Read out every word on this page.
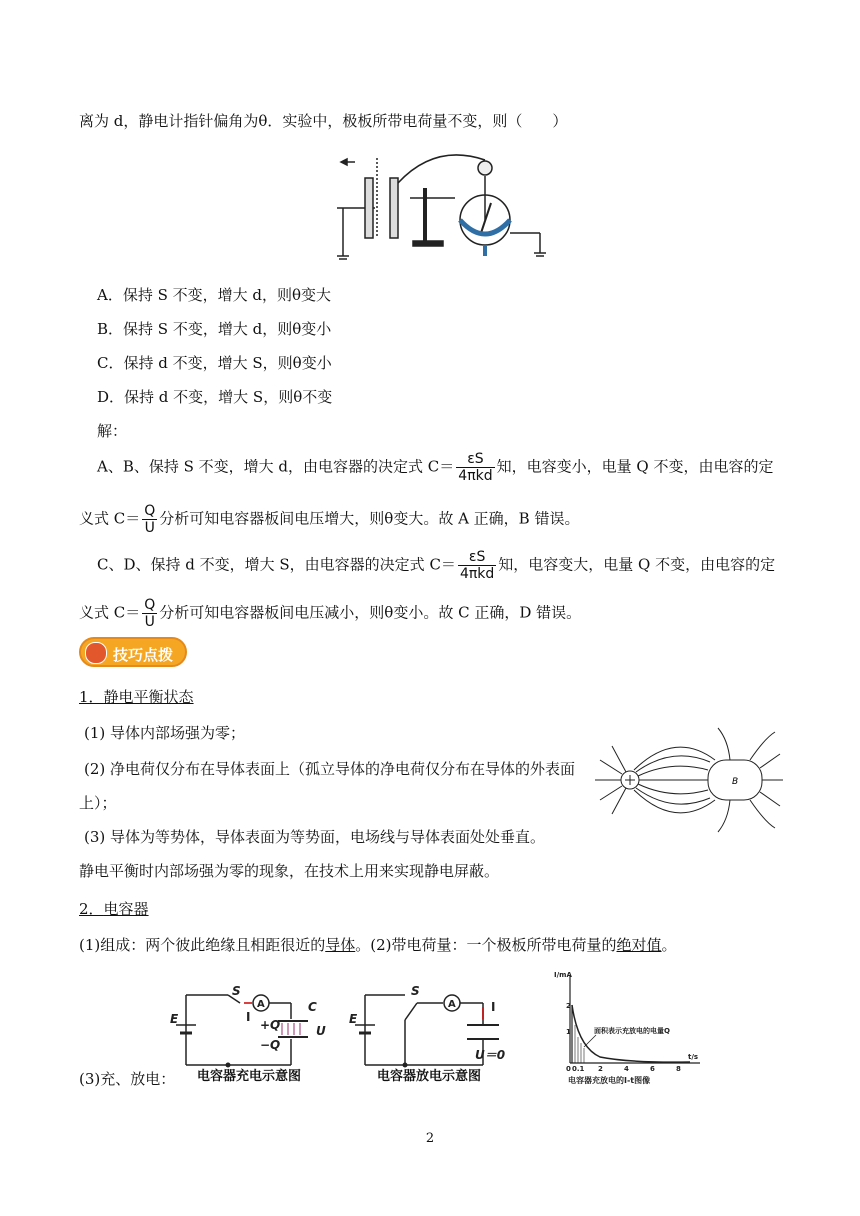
离为 d，静电计指针偏角为θ．实验中，极板所带电荷量不变，则（　　）
A．保持 S 不变，增大 d，则θ变大
B．保持 S 不变，增大 d，则θ变小
C．保持 d 不变，增大 S，则θ变小
D．保持 d 不变，增大 S，则θ不变
解：
A、B、保持 S 不变，增大 d，由电容器的决定式 $C= \frac{\varepsilon S}{\text{4πkd}}$ 知，电容变小，电量 Q 不变，由电容的定
义式 $C= \frac{Q}{U}$ 分析可知电容器板间电压增大，则θ变大。故 A 正确，B 错误。
C、D、保持 d 不变，增大 S，由电容器的决定式 $C= \frac{\varepsilon S}{\text{4πkd}}$ 知，电容变大，电量 Q 不变，由电容的定
义式 $C= \frac{Q}{U}$ 分析可知电容器板间电压减小，则θ变小。故 C 正确，D 错误。
技巧点拨
1．静电平衡状态
(1) 导体内部场强为零；
(2) 净电荷仅分布在导体表面上（孤立导体的净电荷仅分布在导体的外表面
上）；
(3) 导体为等势体，导体表面为等势面，电场线与导体表面处处垂直。
静电平衡时内部场强为零的现象，在技术上用来实现静电屏蔽。
B
2．电容器
(1)组成：两个彼此绝缘且相距很近的导体。(2)带电荷量：一个极板所带电荷量的绝对值。
E
S
A
I
C
+Q
−Q
U
E
S
A	I
U＝0
I/mA
t/s
面积表示充放电的电量Q
2
1
0 0.1 2	4	6	8
电容器充放电的I-t图像
(3)充、放电： 电容器充电示意图	电容器放电示意图
2
